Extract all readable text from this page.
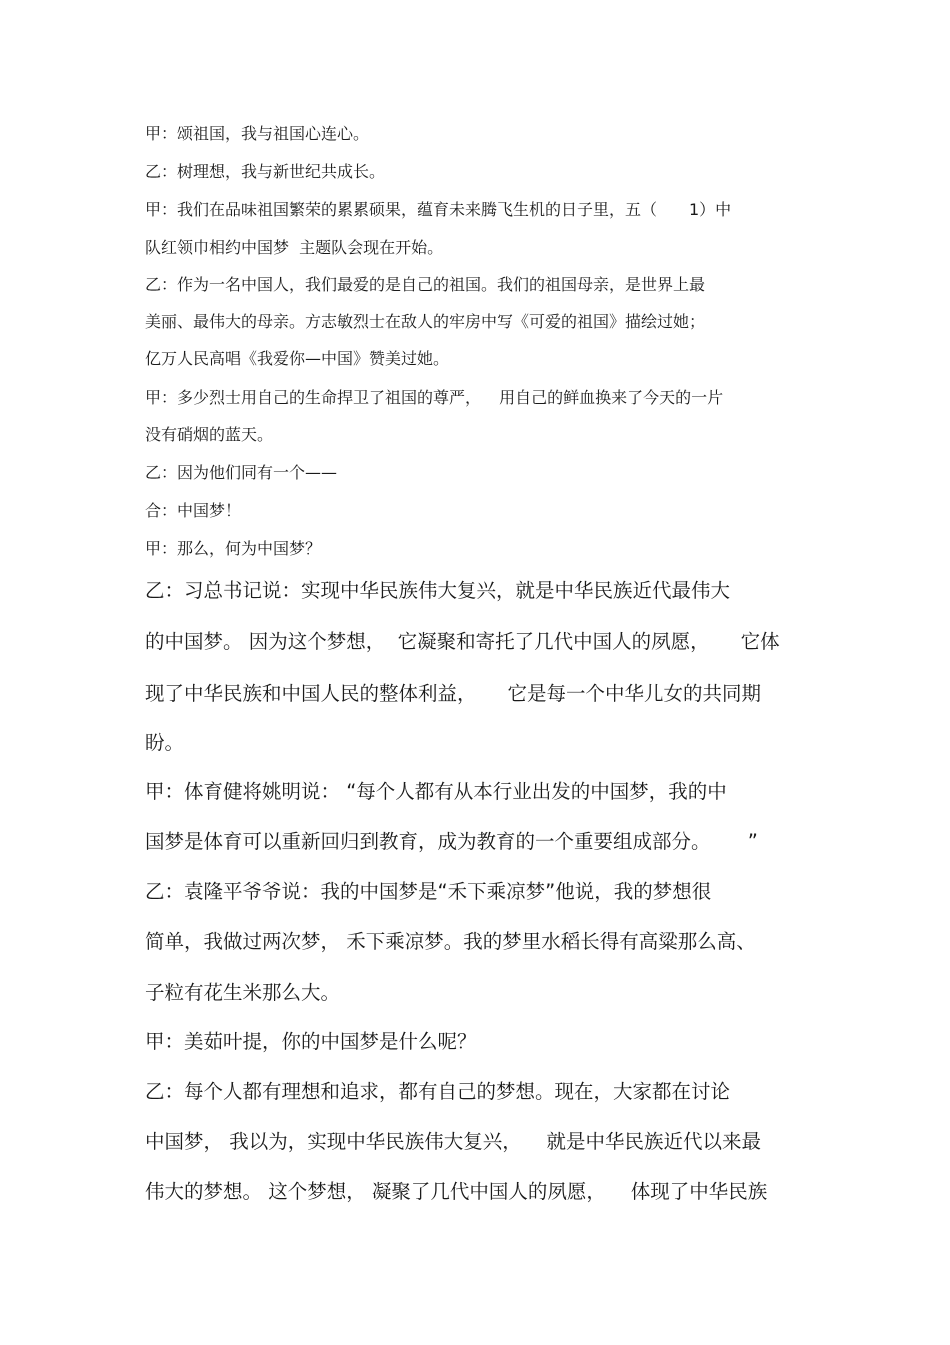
甲：颂祖国，我与祖国心连心。
乙：树理想，我与新世纪共成长。
甲：我们在品味祖国繁荣的累累硕果，蕴育未来腾飞生机的日子里，五（　　1）中
队红领巾相约中国梦  主题队会现在开始。
乙：作为一名中国人，我们最爱的是自己的祖国。我们的祖国母亲，是世界上最
美丽、最伟大的母亲。方志敏烈士在敌人的牢房中写《可爱的祖国》描绘过她；
亿万人民高唱《我爱你—中国》赞美过她。
甲：多少烈士用自己的生命捍卫了祖国的尊严，　  用自己的鲜血换来了今天的一片
没有硝烟的蓝天。
乙：因为他们同有一个——
合：中国梦！
甲：那么，何为中国梦？
乙：习总书记说：实现中华民族伟大复兴，就是中华民族近代最伟大
的中国梦。 因为这个梦想，  它凝聚和寄托了几代中国人的夙愿，     它体
现了中华民族和中国人民的整体利益，     它是每一个中华儿女的共同期
盼。
甲：体育健将姚明说： “每个人都有从本行业出发的中国梦，我的中
国梦是体育可以重新回归到教育，成为教育的一个重要组成部分。      ”
乙：袁隆平爷爷说：我的中国梦是“禾下乘凉梦”他说，我的梦想很
简单，我做过两次梦， 禾下乘凉梦。我的梦里水稻长得有高粱那么高、
子粒有花生米那么大。
甲：美茹叶提，你的中国梦是什么呢？
乙：每个人都有理想和追求，都有自己的梦想。现在，大家都在讨论
中国梦， 我以为，实现中华民族伟大复兴，    就是中华民族近代以来最
伟大的梦想。 这个梦想， 凝聚了几代中国人的夙愿，    体现了中华民族
